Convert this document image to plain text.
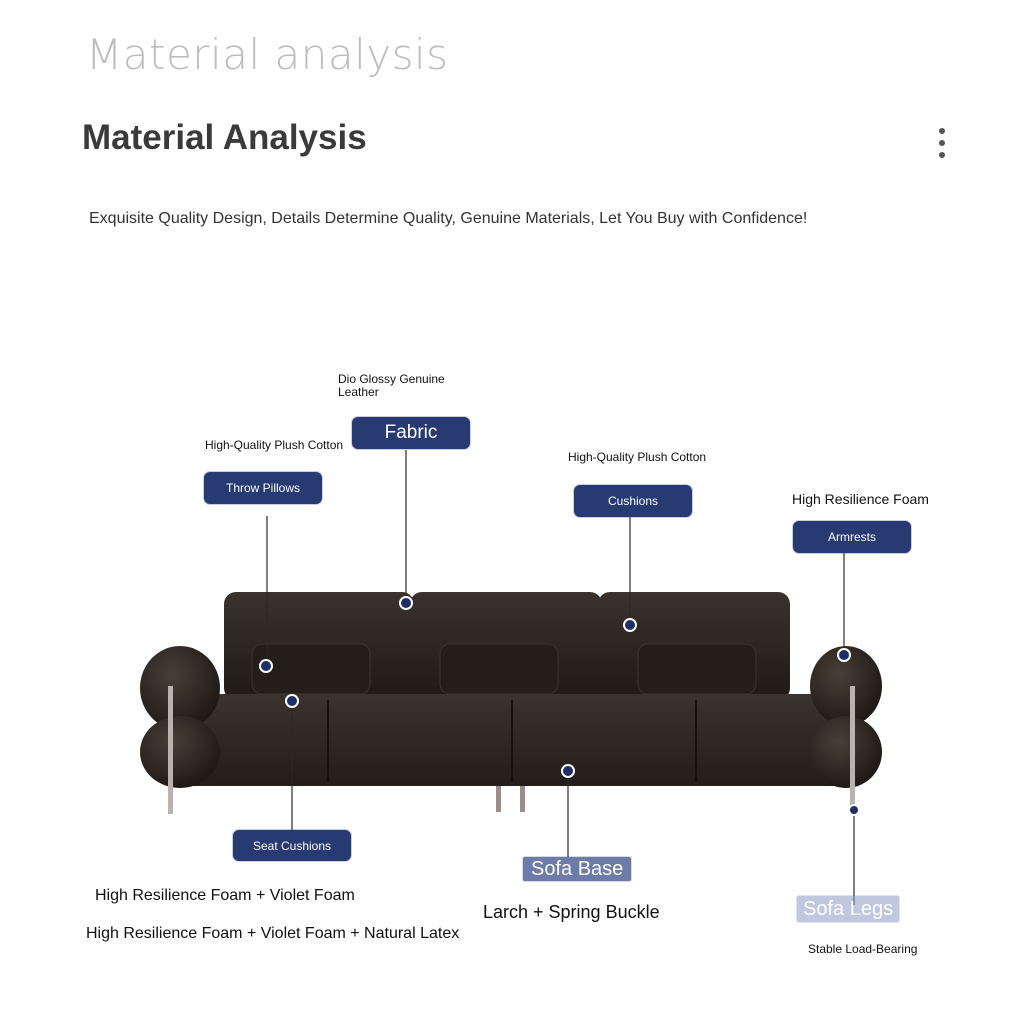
Material analysis
Material Analysis
Exquisite Quality Design, Details Determine Quality, Genuine Materials, Let You Buy with Confidence!
Dio Glossy Genuine Leather
Fabric
High-Quality Plush Cotton
Throw Pillows
High-Quality Plush Cotton
Cushions	High Resilience Foam
Armrests
Seat Cushions
High Resilience Foam + Violet Foam
High Resilience Foam + Violet Foam + Natural Latex
Sofa Base
Larch + Spring Buckle	Sofa Legs
Stable Load-Bearing
